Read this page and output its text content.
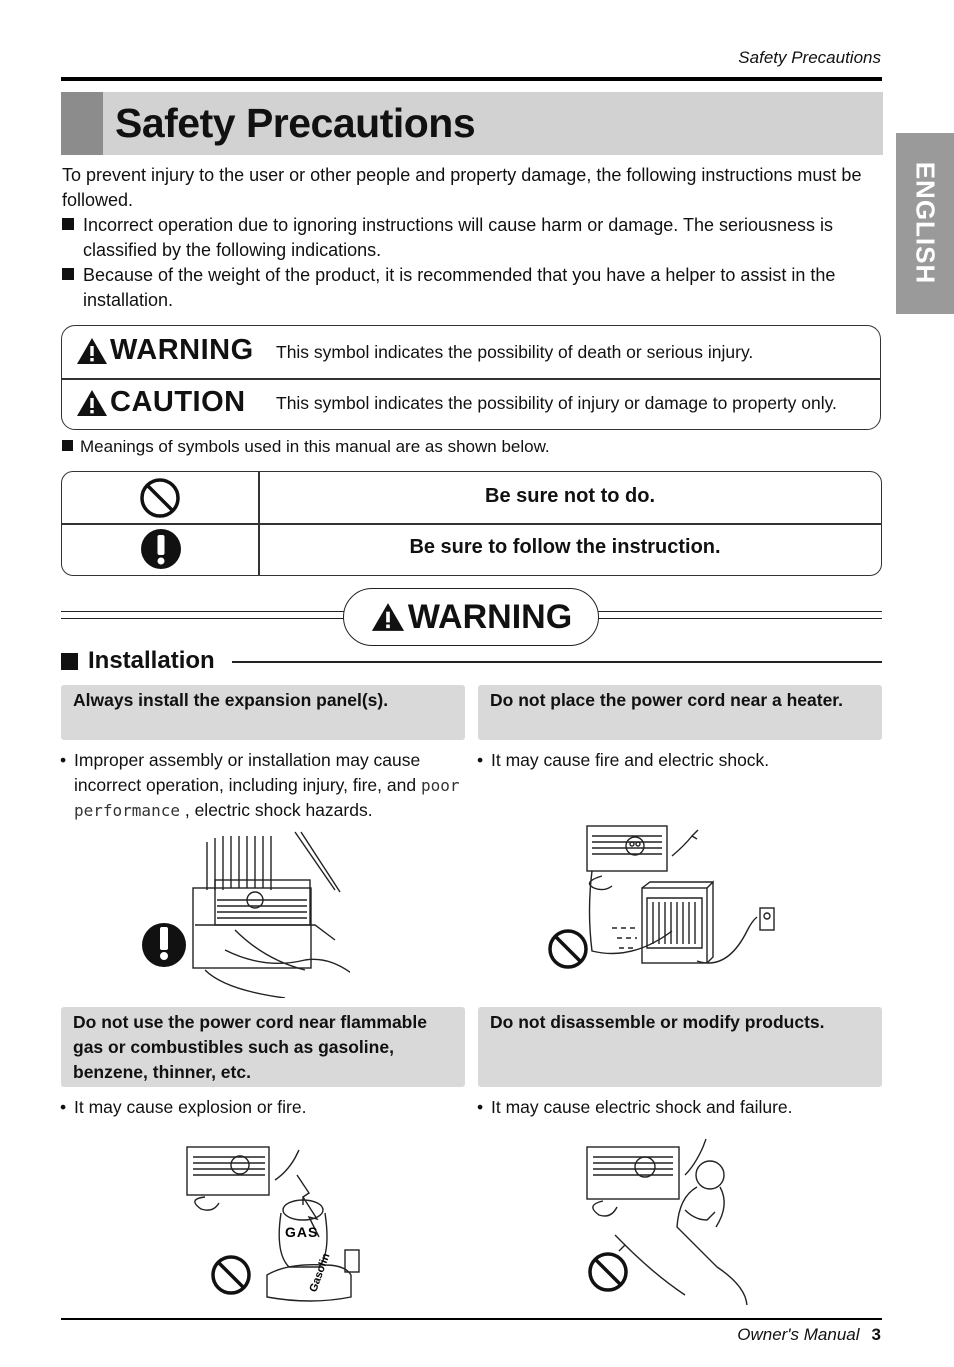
Safety Precautions
Safety Precautions
ENGLISH

To prevent injury to the user or other people and property damage, the following instructions must be followed.

Incorrect operation due to ignoring instructions will cause harm or damage. The seriousness is classified by the following indications.

Because of the weight of the product, it is recommended that you have a helper to assist in the installation.

WARNING This symbol indicates the possibility of death or serious injury.
CAUTION This symbol indicates the possibility of injury or damage to property only.
Meanings of symbols used in this manual are as shown below.
Be sure not to do.
Be sure to follow the instruction.
WARNING
Installation
Always install the expansion panel(s).
• Improper assembly or installation may cause incorrect operation, including injury, fire, and poor performance , electric shock hazards.
Do not place the power cord near a heater.
• It may cause fire and electric shock.
Do not use the power cord near flammable gas or combustibles such as gasoline, benzene, thinner, etc.
• It may cause explosion or fire.
Do not disassemble or modify products.
• It may cause electric shock and failure.
GAS
Gasolin
Owner's Manual 3
